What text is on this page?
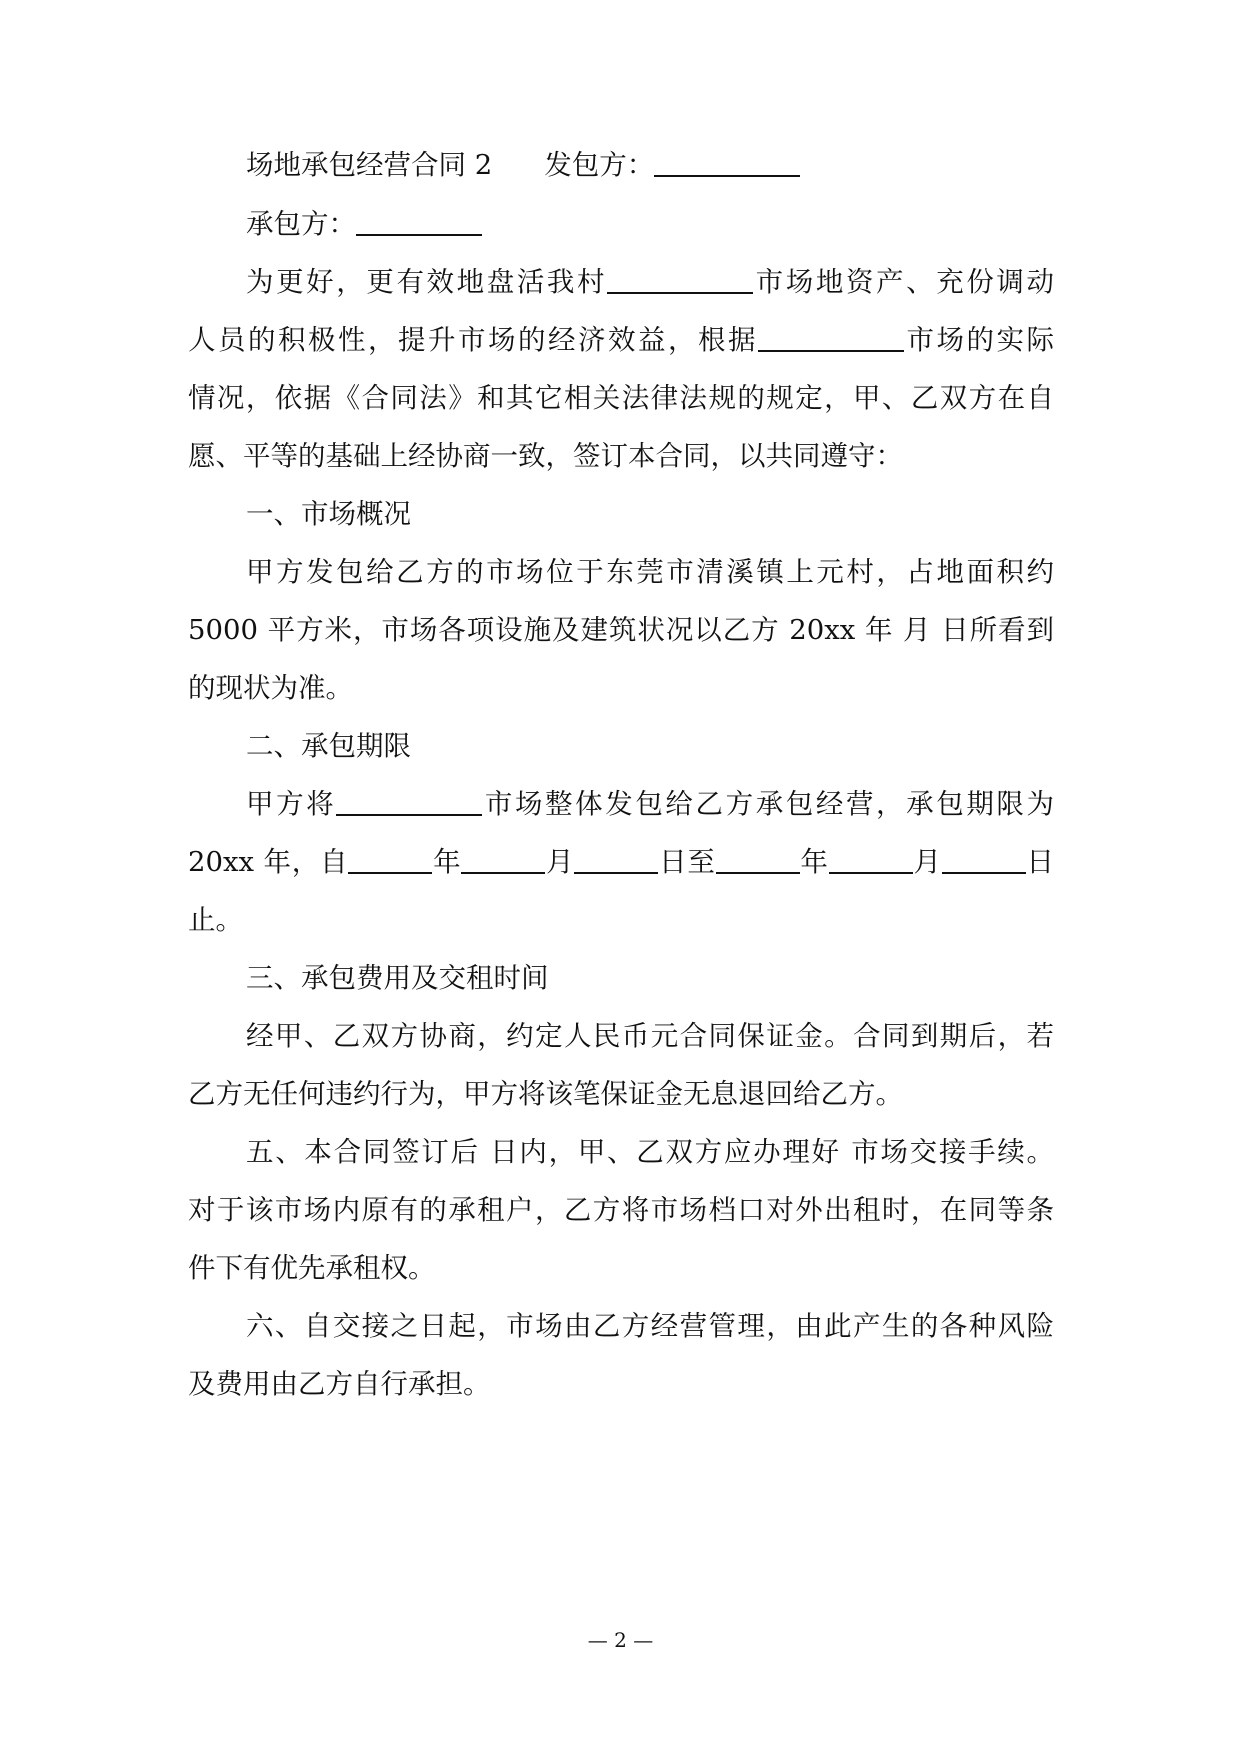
场地承包经营合同 2 发包方：
承包方：
为更好，更有效地盘活我村	市场地资产、充份调动
人员的积极性，提升市场的经济效益，根据	市场的实际
情况，依据《合同法》和其它相关法律法规的规定，甲、乙双方在自
愿、平等的基础上经协商一致，签订本合同，以共同遵守：
一、市场概况
甲方发包给乙方的市场位于东莞市清溪镇上元村，占地面积约
5000 平方米，市场各项设施及建筑状况以乙方 20xx 年 月 日所看到
的现状为准。
二、承包期限
甲方将	市场整体发包给乙方承包经营，承包期限为
20xx 年，自	年	月	日至	年	月	日
止。
三、承包费用及交租时间
经甲、乙双方协商，约定人民币元合同保证金。合同到期后，若
乙方无任何违约行为，甲方将该笔保证金无息退回给乙方。
五、本合同签订后 日内，甲、乙双方应办理好 市场交接手续。
对于该市场内原有的承租户，乙方将市场档口对外出租时，在同等条
件下有优先承租权。
六、自交接之日起，市场由乙方经营管理，由此产生的各种风险
及费用由乙方自行承担。
— 2 —
